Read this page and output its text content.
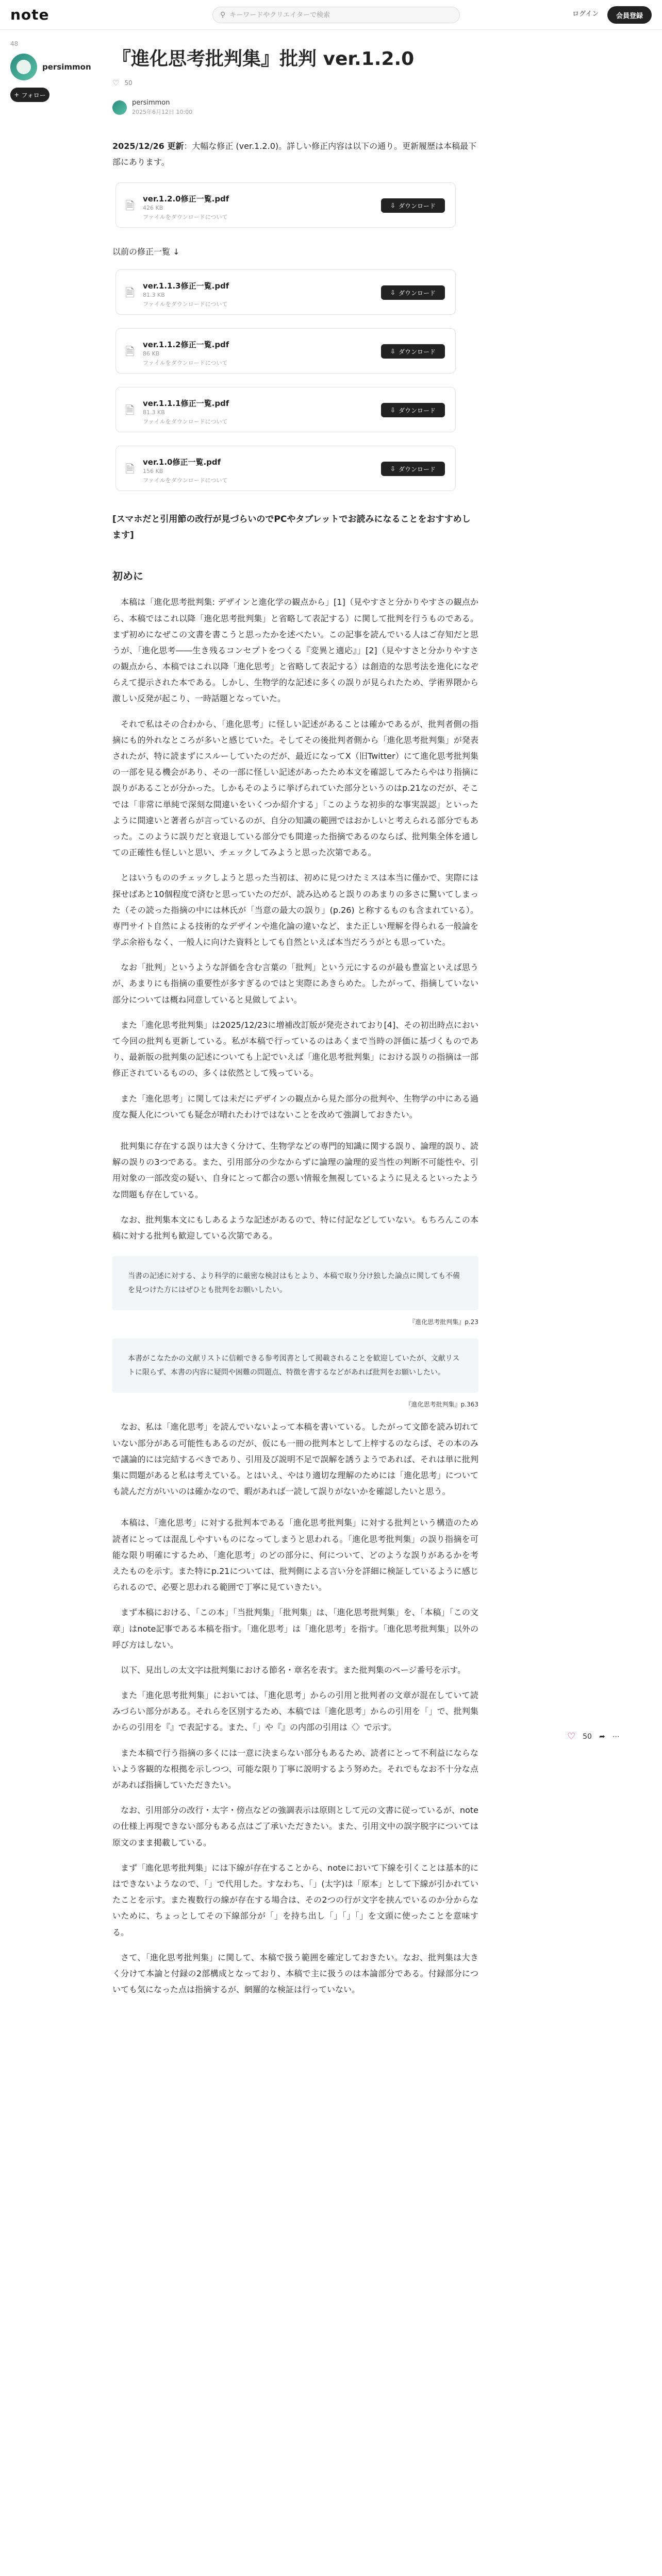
note	⚲
キーワードやクリエイターで検索	ログイン	会員登録
48
persimmon
+ フォロー
『進化思考批判集』批判 ver.1.2.0
♡ 50
persimmon
2025年6月12日 10:00

2025/12/26 更新：大幅な修正 (ver.1.2.0)。詳しい修正内容は以下の通り。更新履歴は本稿最下部にあります。

🗎
ver.1.2.0修正一覧.pdf
426 KB
ファイルをダウンロードについて
⇩ ダウンロード
以前の修正一覧 ↓
🗎
ver.1.1.3修正一覧.pdf
81.3 KB
ファイルをダウンロードについて
⇩ ダウンロード
🗎
ver.1.1.2修正一覧.pdf
86 KB
ファイルをダウンロードについて
⇩ ダウンロード
🗎
ver.1.1.1修正一覧.pdf
81.3 KB
ファイルをダウンロードについて
⇩ ダウンロード
🗎
ver.1.0修正一覧.pdf
156 KB
ファイルをダウンロードについて
⇩ ダウンロード

[スマホだと引用節の改行が見づらいのでPCやタブレットでお読みになることをおすすめします]

初めに

本稿は「進化思考批判集: デザインと進化学の観点から」[1]（見やすさと分かりやすさの観点から、本稿ではこれ以降「進化思考批判集」と省略して表記する）に関して批判を行うものである。まず初めになぜこの文書を書こうと思ったかを述べたい。この記事を読んでいる人はご存知だと思うが、「進化思考――生き残るコンセプトをつくる『変異と適応』」[2]（見やすさと分かりやすさの観点から、本稿ではこれ以降「進化思考」と省略して表記する）は創造的な思考法を進化になぞらえて提示された本である。しかし、生物学的な記述に多くの誤りが見られたため、学術界隈から激しい反発が起こり、一時話題となっていた。

それで私はその合わから、「進化思考」に怪しい記述があることは確かであるが、批判者側の指摘にも的外れなところが多いと感じていた。そしてその後批判者側から「進化思考批判集」が発表されたが、特に読まずにスルーしていたのだが、最近になってX（旧Twitter）にて進化思考批判集の一部を見る機会があり、その一部に怪しい記述があったため本文を確認してみたらやはり指摘に誤りがあることが分かった。しかもそのように挙げられていた部分というのはp.21なのだが、そこでは「非常に単純で深刻な間違いをいくつか紹介する」「このような初歩的な事実誤認」といったように間違いと著者らが言っているのが、自分の知識の範囲ではおかしいと考えられる部分でもあった。このように誤りだと衰退している部分でも間違った指摘であるのならば、批判集全体を通しての正確性も怪しいと思い、チェックしてみようと思った次第である。

とはいうもののチェックしようと思った当初は、初めに見つけたミスは本当に僅かで、実際には探せばあと10個程度で済むと思っていたのだが、読み込めると誤りのあまりの多さに驚いてしまった（その読った指摘の中には林氏が「当意の最大の誤り」(p.26) と称するものも含まれている）。専門サイト自然による技術的なデザインや進化論の違いなど、また正しい理解を得られる一般論を学ぶ余裕もなく、一般人に向けた資料としても自然といえば本当だろうがとも思っていた。

なお「批判」というような評価を含む言葉の「批判」という元にするのが最も豊富といえば思うが、あまりにも指摘の重要性が多すぎるのではと実際にあきらめた。したがって、指摘していない部分については概ね同意していると見做してよい。

また「進化思考批判集」は2025/12/23に増補改訂版が発売されており[4]、その初出時点において今回の批判も更新している。私が本稿で行っているのはあくまで当時の評価に基づくものであり、最新版の批判集の記述についても上記でいえば「進化思考批判集」における誤りの指摘は一部修正されているものの、多くは依然として残っている。

また「進化思考」に関しては未だにデザインの観点から見た部分の批判や、生物学の中にある過度な擬人化についても疑念が晴れたわけではないことを改めて強調しておきたい。

批判集に存在する誤りは大きく分けて、生物学などの専門的知識に関する誤り、論理的誤り、読解の誤りの3つである。また、引用部分の少なからずに論理の論理的妥当性の判断不可能性や、引用対象の一部改変の疑い、自身にとって都合の悪い情報を無視しているように見えるといったような問題も存在している。

なお、批判集本文にもしあるような記述があるので、特に付記などしていない。もちろんこの本稿に対する批判も歓迎している次第である。

当書の記述に対する、より科学的に厳密な検討はもとより、本稿で取り分け独した論点に関しても不備を見つけた方にはぜひとも批判をお願いしたい。
『進化思考批判集』p.23
本書がこなたかの文献リストに信頼できる参考図書として掲載されることを歓迎していたが、文献リストに限らず、本書の内容に疑問や困難の問題点、特徴を書するなどがあれば批判をお願いしたい。
『進化思考批判集』p.363

なお、私は「進化思考」を読んでいないよって本稿を書いている。したがって文節を読み切れていない部分がある可能性もあるのだが、仮にも一冊の批判本として上梓するのならば、その本のみで議論的には完結するべきであり、引用及び説明不足で誤解を誘うようであれば、それは単に批判集に問題があると私は考えている。とはいえ、やはり適切な理解のためには「進化思考」についても読んだ方がいいのは確かなので、暇があれば一読して誤りがないかを確認したいと思う。

本稿は、「進化思考」に対する批判本である「進化思考批判集」に対する批判という構造のため読者にとっては混乱しやすいものになってしまうと思われる。「進化思考批判集」の誤り指摘を可能な限り明確にするため、「進化思考」のどの部分に、何について、どのような誤りがあるかを考えたものを示す。また特にp.21については、批判側による言い分を詳細に検証しているように感じられるので、必要と思われる範囲で丁寧に見ていきたい。

まず本稿における、「この本」「当批判集」「批判集」は、「進化思考批判集」を、「本稿」「この文章」はnote記事である本稿を指す。「進化思考」は「進化思考」を指す。「進化思考批判集」以外の呼び方はしない。

以下、見出しの太文字は批判集における節名・章名を表す。また批判集のページ番号を示す。

また「進化思考批判集」においては、「進化思考」からの引用と批判者の文章が混在していて読みづらい部分がある。それらを区別するため、本稿では「進化思考」からの引用を「」で、批判集からの引用を『』で表記する。また、「」や『』の内部の引用は〈〉で示す。

また本稿で行う指摘の多くには一意に決まらない部分もあるため、読者にとって不利益にならないよう客観的な根拠を示しつつ、可能な限り丁寧に説明するよう努めた。それでもなお不十分な点があれば指摘していただきたい。

なお、引用部分の改行・太字・傍点などの強調表示は原則として元の文書に従っているが、noteの仕様上再現できない部分もある点はご了承いただきたい。また、引用文中の誤字脱字については原文のまま掲載している。

まず「進化思考批判集」には下線が存在することから、noteにおいて下線を引くことは基本的にはできないようなので、「」で代用した。すなわち、「」(太字)は「原本」として下線が引かれていたことを示す。また複数行の線が存在する場合は、その2つの行が文字を挟んでいるのか分からないために、ちょっとしてその下線部分が「」を持ち出し「」「」「」を文頭に使ったことを意味する。

さて、「進化思考批判集」に関して、本稿で扱う範囲を確定しておきたい。なお、批判集は大きく分けて本論と付録の2部構成となっており、本稿で主に扱うのは本論部分である。付録部分についても気になった点は指摘するが、網羅的な検証は行っていない。

♡ 50 ➦ ⋯
